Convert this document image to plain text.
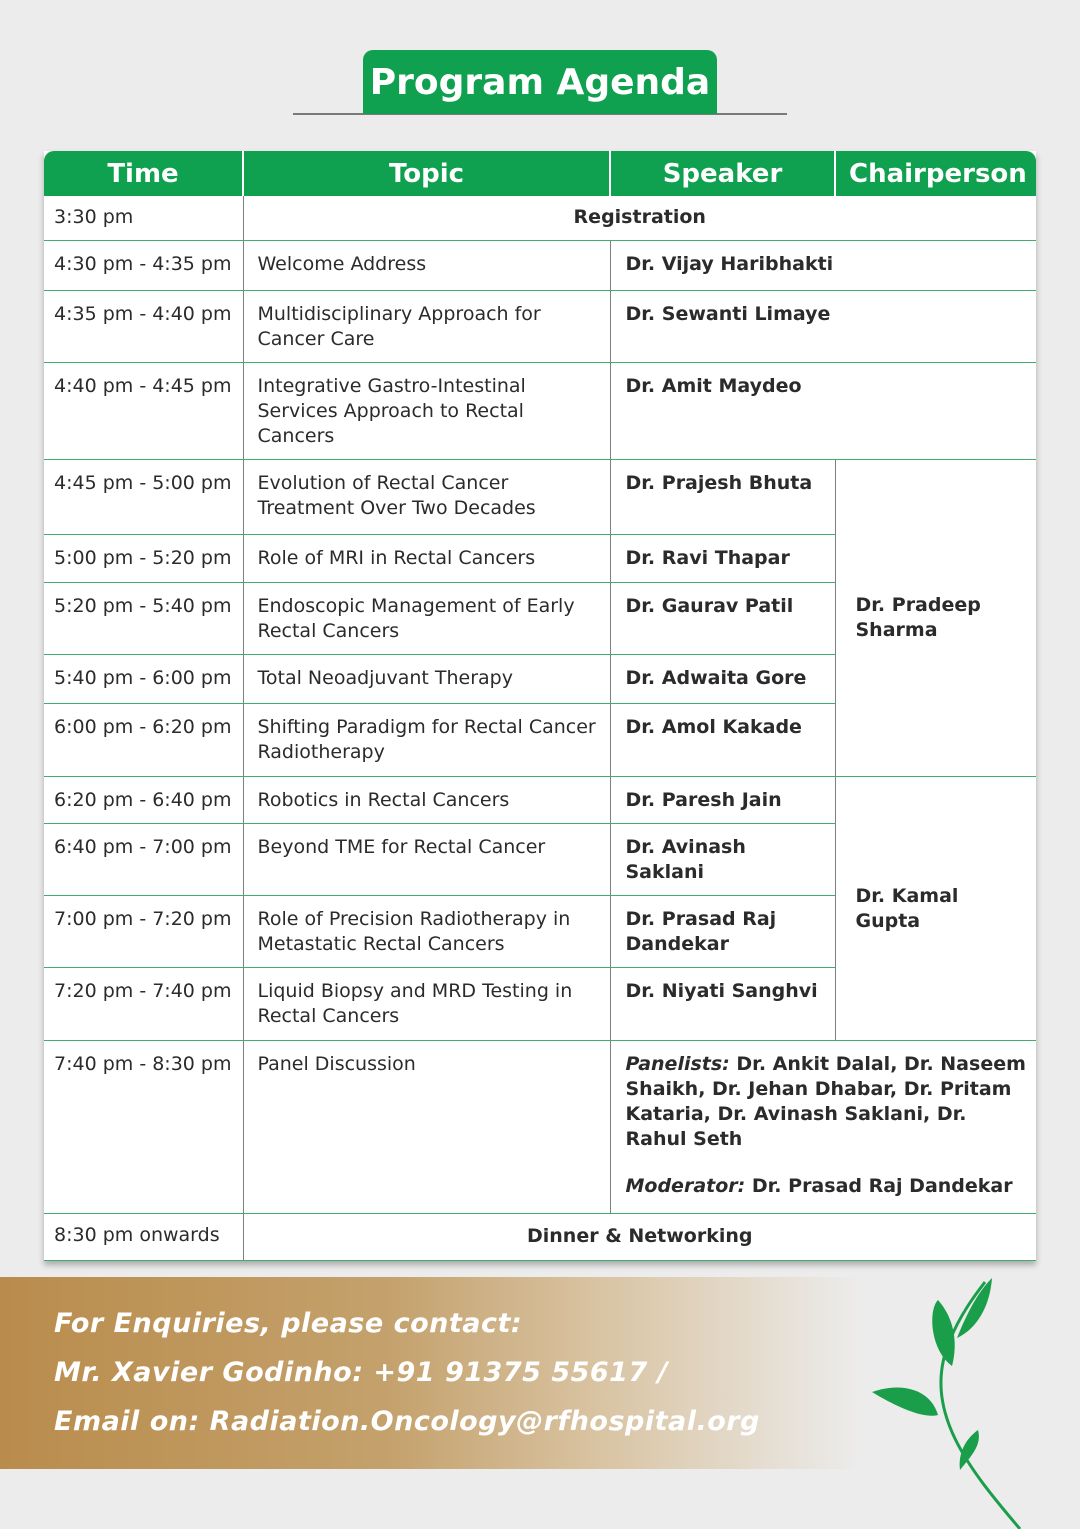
Program Agenda
Time	Topic	Speaker	Chairperson
3:30 pm	Registration		
4:30 pm - 4:35 pm	Welcome Address	Dr. Vijay Haribhakti	
4:35 pm - 4:40 pm	Multidisciplinary Approach for Cancer Care	Dr. Sewanti Limaye	
4:40 pm - 4:45 pm	Integrative Gastro-Intestinal Services Approach to Rectal Cancers	Dr. Amit Maydeo	
4:45 pm - 5:00 pm	Evolution of Rectal Cancer Treatment Over Two Decades	Dr. Prajesh Bhuta	Dr. Pradeep Sharma
5:00 pm - 5:20 pm	Role of MRI in Rectal Cancers	Dr. Ravi Thapar	
5:20 pm - 5:40 pm	Endoscopic Management of Early Rectal Cancers	Dr. Gaurav Patil	
5:40 pm - 6:00 pm	Total Neoadjuvant Therapy	Dr. Adwaita Gore	
6:00 pm - 6:20 pm	Shifting Paradigm for Rectal Cancer Radiotherapy	Dr. Amol Kakade	
6:20 pm - 6:40 pm	Robotics in Rectal Cancers	Dr. Paresh Jain	Dr. Kamal Gupta
6:40 pm - 7:00 pm	Beyond TME for Rectal Cancer	Dr. Avinash Saklani	
7:00 pm - 7:20 pm	Role of Precision Radiotherapy in Metastatic Rectal Cancers	Dr. Prasad Raj Dandekar	
7:20 pm - 7:40 pm	Liquid Biopsy and MRD Testing in Rectal Cancers	Dr. Niyati Sanghvi	
7:40 pm - 8:30 pm	Panel Discussion	Panelists: Dr. Ankit Dalal, Dr. Naseem Shaikh, Dr. Jehan Dhabar, Dr. Pritam Kataria, Dr. Avinash Saklani, Dr. Rahul Seth
Moderator: Dr. Prasad Raj Dandekar	
8:30 pm onwards	Dinner & Networking		
For Enquiries, please contact:
Mr. Xavier Godinho: +91 91375 55617 /
Email on: Radiation.Oncology@rfhospital.org
